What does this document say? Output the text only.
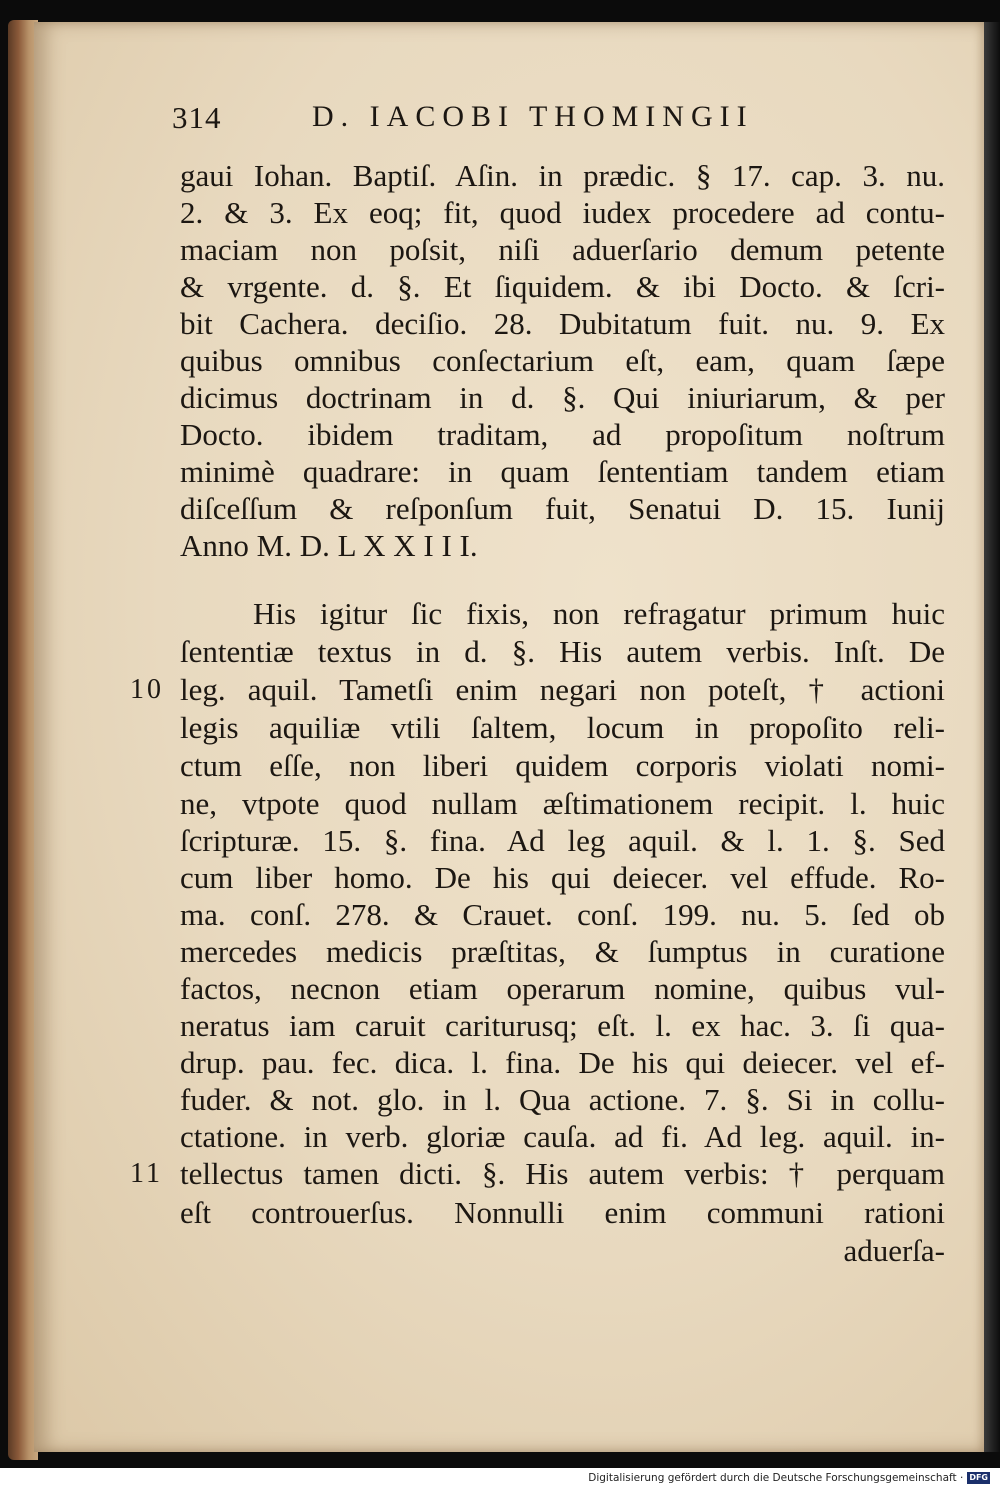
314	D. IACOBI THOMINGII
gaui Iohan. Baptiſ. Aſin. in prædic. § 17. cap. 3. nu.
2. & 3. Ex eoq; fit, quod iudex procedere ad contu-
maciam non poſsit, niſi aduerſario demum petente
& vrgente. d. §. Et ſiquidem. & ibi Docto. & ſcri-
bit Cachera. deciſio. 28. Dubitatum fuit. nu. 9. Ex
quibus omnibus conſectarium eſt, eam, quam ſæpe
dicimus doctrinam in d. §. Qui iniuriarum, & per
Docto. ibidem traditam, ad propoſitum noſtrum
minimè quadrare: in quam ſententiam tandem etiam
diſceſſum & reſponſum fuit, Senatui D. 15. Iunij
Anno M. D. L X X I I I.
His igitur ſic fixis, non refragatur primum huic
ſententiæ textus in d. §. His autem verbis. Inſt. De
10 leg. aquil. Tametſi enim negari non poteſt, † actioni
legis aquiliæ vtili ſaltem, locum in propoſito reli-
ctum eſſe, non liberi quidem corporis violati nomi-
ne, vtpote quod nullam æſtimationem recipit. l. huic
ſcripturæ. 15. §. fina. Ad leg aquil. & l. 1. §. Sed
cum liber homo. De his qui deiecer. vel effude. Ro-
ma. conſ. 278. & Crauet. conſ. 199. nu. 5. ſed ob
mercedes medicis præſtitas, & ſumptus in curatione
factos, necnon etiam operarum nomine, quibus vul-
neratus iam caruit cariturusq; eſt. l. ex hac. 3. ſi qua-
drup. pau. fec. dica. l. fina. De his qui deiecer. vel ef-
fuder. & not. glo. in l. Qua actione. 7. §. Si in collu-
ctatione. in verb. gloriæ cauſa. ad fi. Ad leg. aquil. in-
11 tellectus tamen dicti. §. His autem verbis: † perquam
eſt controuerſus. Nonnulli enim communi rationi
aduerſa-
Digitalisierung gefördert durch die Deutsche Forschungsgemeinschaft · DFG
